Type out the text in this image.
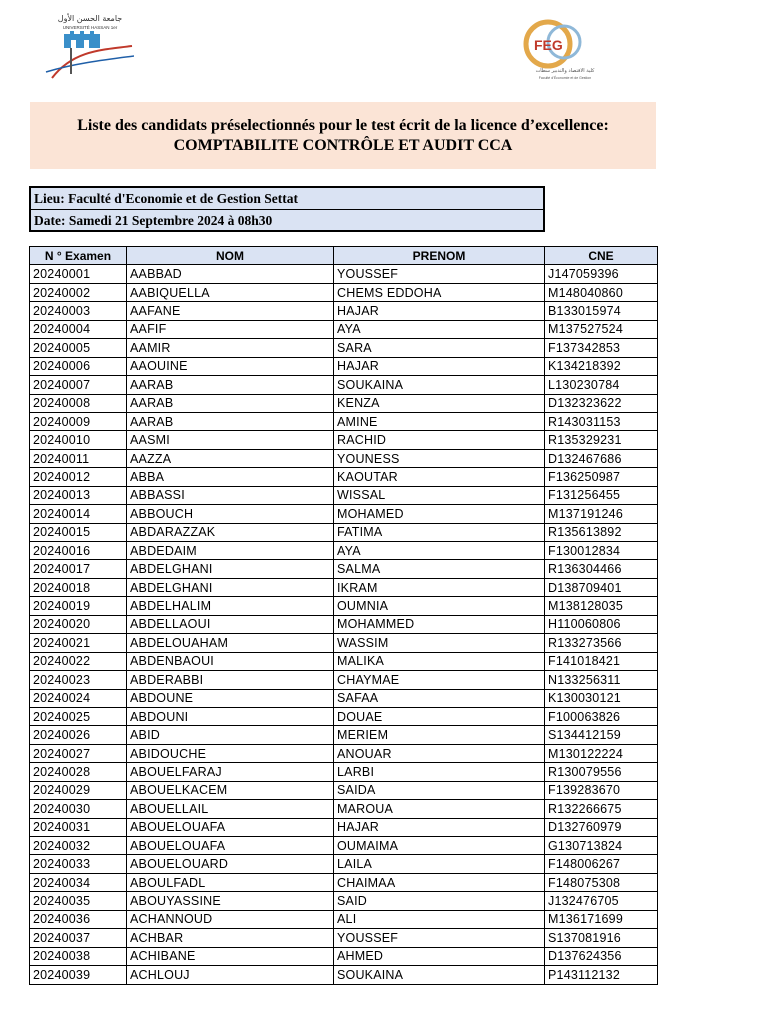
جامعة الحسن الأول
UNIVERSITÉ HASSAN 1er
FEG
كلية الاقتصاد والتدبير سطات
Faculté d'Économie et de Gestion
Liste des candidats préselectionnés pour le test écrit de la licence d’excellence:
COMPTABILITE CONTRÔLE ET AUDIT CCA
Lieu: Faculté d'Economie et de Gestion Settat
Date: Samedi 21 Septembre 2024 à 08h30
N ° Examen	NOM	PRENOM	CNE
20240001	AABBAD	YOUSSEF	J147059396
20240002	AABIQUELLA	CHEMS EDDOHA	M148040860
20240003	AAFANE	HAJAR	B133015974
20240004	AAFIF	AYA	M137527524
20240005	AAMIR	SARA	F137342853
20240006	AAOUINE	HAJAR	K134218392
20240007	AARAB	SOUKAINA	L130230784
20240008	AARAB	KENZA	D132323622
20240009	AARAB	AMINE	R143031153
20240010	AASMI	RACHID	R135329231
20240011	AAZZA	YOUNESS	D132467686
20240012	ABBA	KAOUTAR	F136250987
20240013	ABBASSI	WISSAL	F131256455
20240014	ABBOUCH	MOHAMED	M137191246
20240015	ABDARAZZAK	FATIMA	R135613892
20240016	ABDEDAIM	AYA	F130012834
20240017	ABDELGHANI	SALMA	R136304466
20240018	ABDELGHANI	IKRAM	D138709401
20240019	ABDELHALIM	OUMNIA	M138128035
20240020	ABDELLAOUI	MOHAMMED	H110060806
20240021	ABDELOUAHAM	WASSIM	R133273566
20240022	ABDENBAOUI	MALIKA	F141018421
20240023	ABDERABBI	CHAYMAE	N133256311
20240024	ABDOUNE	SAFAA	K130030121
20240025	ABDOUNI	DOUAE	F100063826
20240026	ABID	MERIEM	S134412159
20240027	ABIDOUCHE	ANOUAR	M130122224
20240028	ABOUELFARAJ	LARBI	R130079556
20240029	ABOUELKACEM	SAIDA	F139283670
20240030	ABOUELLAIL	MAROUA	R132266675
20240031	ABOUELOUAFA	HAJAR	D132760979
20240032	ABOUELOUAFA	OUMAIMA	G130713824
20240033	ABOUELOUARD	LAILA	F148006267
20240034	ABOULFADL	CHAIMAA	F148075308
20240035	ABOUYASSINE	SAID	J132476705
20240036	ACHANNOUD	ALI	M136171699
20240037	ACHBAR	YOUSSEF	S137081916
20240038	ACHIBANE	AHMED	D137624356
20240039	ACHLOUJ	SOUKAINA	P143112132
